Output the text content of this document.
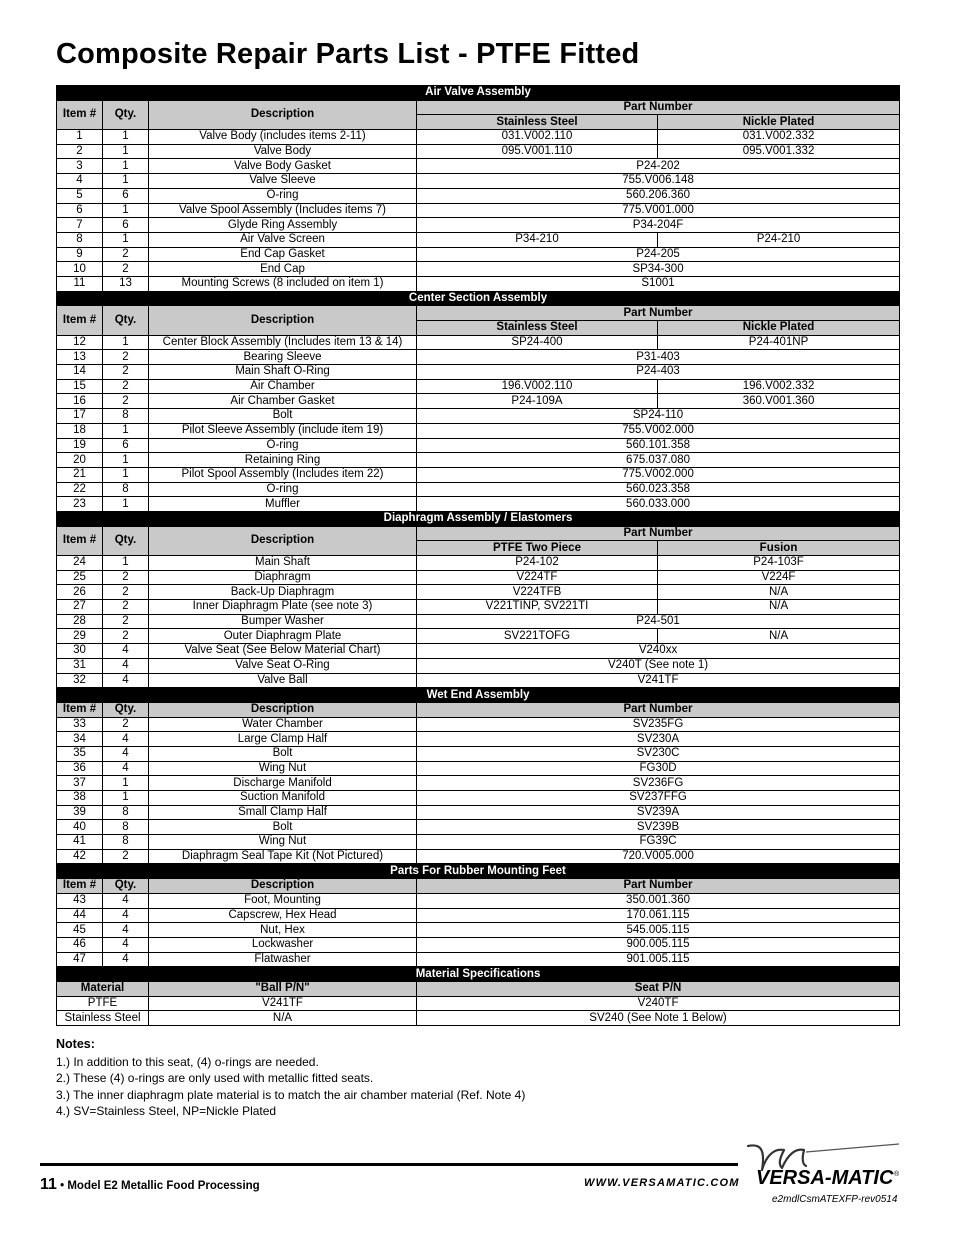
Composite Repair Parts List - PTFE Fitted
Air Valve Assembly				
Item #	Qty.	Description	Part Number	
			Stainless Steel	Nickle Plated
1	1	Valve Body (includes items 2-11)	031.V002.110	031.V002.332
2	1	Valve Body	095.V001.110	095.V001.332
3	1	Valve Body Gasket	P24-202	
4	1	Valve Sleeve	755.V006.148	
5	6	O-ring	560.206.360	
6	1	Valve Spool Assembly (Includes items 7)	775.V001.000	
7	6	Glyde Ring Assembly	P34-204F	
8	1	Air Valve Screen	P34-210	P24-210
9	2	End Cap Gasket	P24-205	
10	2	End Cap	SP34-300	
11	13	Mounting Screws (8 included on item 1)	S1001	
Center Section Assembly				
Item #	Qty.	Description	Part Number	
			Stainless Steel	Nickle Plated
12	1	Center Block Assembly (Includes item 13 & 14)	SP24-400	P24-401NP
13	2	Bearing Sleeve	P31-403	
14	2	Main Shaft O-Ring	P24-403	
15	2	Air Chamber	196.V002.110	196.V002.332
16	2	Air Chamber Gasket	P24-109A	360.V001.360
17	8	Bolt	SP24-110	
18	1	Pilot Sleeve Assembly (include item 19)	755.V002.000	
19	6	O-ring	560.101.358	
20	1	Retaining Ring	675.037.080	
21	1	Pilot Spool Assembly (Includes item 22)	775.V002.000	
22	8	O-ring	560.023.358	
23	1	Muffler	560.033.000	
Diaphragm Assembly / Elastomers				
Item #	Qty.	Description	Part Number	
			PTFE Two Piece	Fusion
24	1	Main Shaft	P24-102	P24-103F
25	2	Diaphragm	V224TF	V224F
26	2	Back-Up Diaphragm	V224TFB	N/A
27	2	Inner Diaphragm Plate (see note 3)	V221TINP, SV221TI	N/A
28	2	Bumper Washer	P24-501	
29	2	Outer Diaphragm Plate	SV221TOFG	N/A
30	4	Valve Seat (See Below Material Chart)	V240xx	
31	4	Valve Seat O-Ring	V240T (See note 1)	
32	4	Valve Ball	V241TF	
Wet End Assembly				
Item #	Qty.	Description	Part Number	
33	2	Water Chamber	SV235FG	
34	4	Large Clamp Half	SV230A	
35	4	Bolt	SV230C	
36	4	Wing Nut	FG30D	
37	1	Discharge Manifold	SV236FG	
38	1	Suction Manifold	SV237FFG	
39	8	Small Clamp Half	SV239A	
40	8	Bolt	SV239B	
41	8	Wing Nut	FG39C	
42	2	Diaphragm Seal Tape Kit (Not Pictured)	720.V005.000	
Parts For Rubber Mounting Feet				
Item #	Qty.	Description	Part Number	
43	4	Foot, Mounting	350.001.360	
44	4	Capscrew, Hex Head	170.061.115	
45	4	Nut, Hex	545.005.115	
46	4	Lockwasher	900.005.115	
47	4	Flatwasher	901.005.115	
Material Specifications				
Material		"Ball P/N"	Seat P/N	
PTFE		V241TF	V240TF	
Stainless Steel		N/A	SV240 (See Note 1 Below)	
Notes:
1.) In addition to this seat, (4) o-rings are needed.
2.) These (4) o-rings are only used with metallic fitted seats.
3.) The inner diaphragm plate material is to match the air chamber material (Ref. Note 4)
4.) SV=Stainless Steel, NP=Nickle Plated
11 • Model E2 Metallic Food Processing	WWW.VERSAMATIC.COM VERSA-MATIC ®
e2mdlCsmATEXFP-rev0514
